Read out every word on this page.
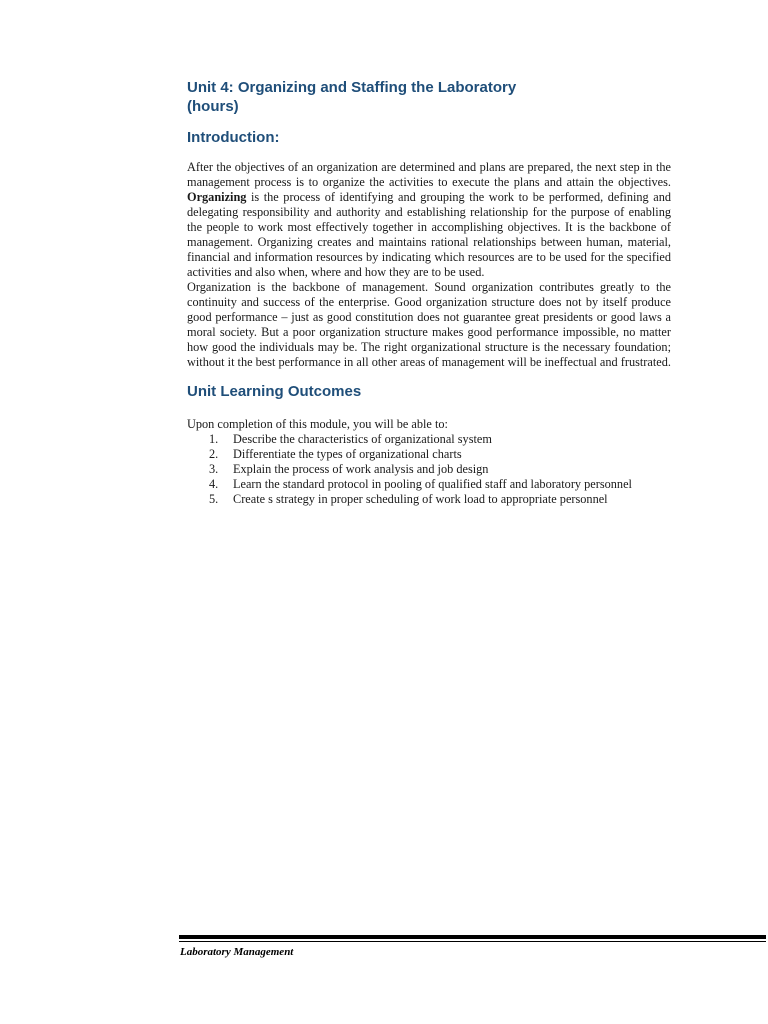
Unit 4: Organizing and Staffing the Laboratory
(hours)
Introduction:

After the objectives of an organization are determined and plans are prepared, the next step in the management process is to organize the activities to execute the plans and attain the objectives. Organizing is the process of identifying and grouping the work to be performed, defining and delegating responsibility and authority and establishing relationship for the purpose of enabling the people to work most effectively together in accomplishing objectives. It is the backbone of management. Organizing creates and maintains rational relationships between human, material, financial and information resources by indicating which resources are to be used for the specified activities and also when, where and how they are to be used.

Organization is the backbone of management. Sound organization contributes greatly to the continuity and success of the enterprise. Good organization structure does not by itself produce good performance – just as good constitution does not guarantee great presidents or good laws a moral society. But a poor organization structure makes good performance impossible, no matter how good the individuals may be. The right organizational structure is the necessary foundation; without it the best performance in all other areas of management will be ineffectual and frustrated.

Unit Learning Outcomes

Upon completion of this module, you will be able to:

1. Describe the characteristics of organizational system
2. Differentiate the types of organizational charts
3. Explain the process of work analysis and job design
4. Learn the standard protocol in pooling of qualified staff and laboratory personnel
5. Create s strategy in proper scheduling of work load to appropriate personnel
Laboratory Management
